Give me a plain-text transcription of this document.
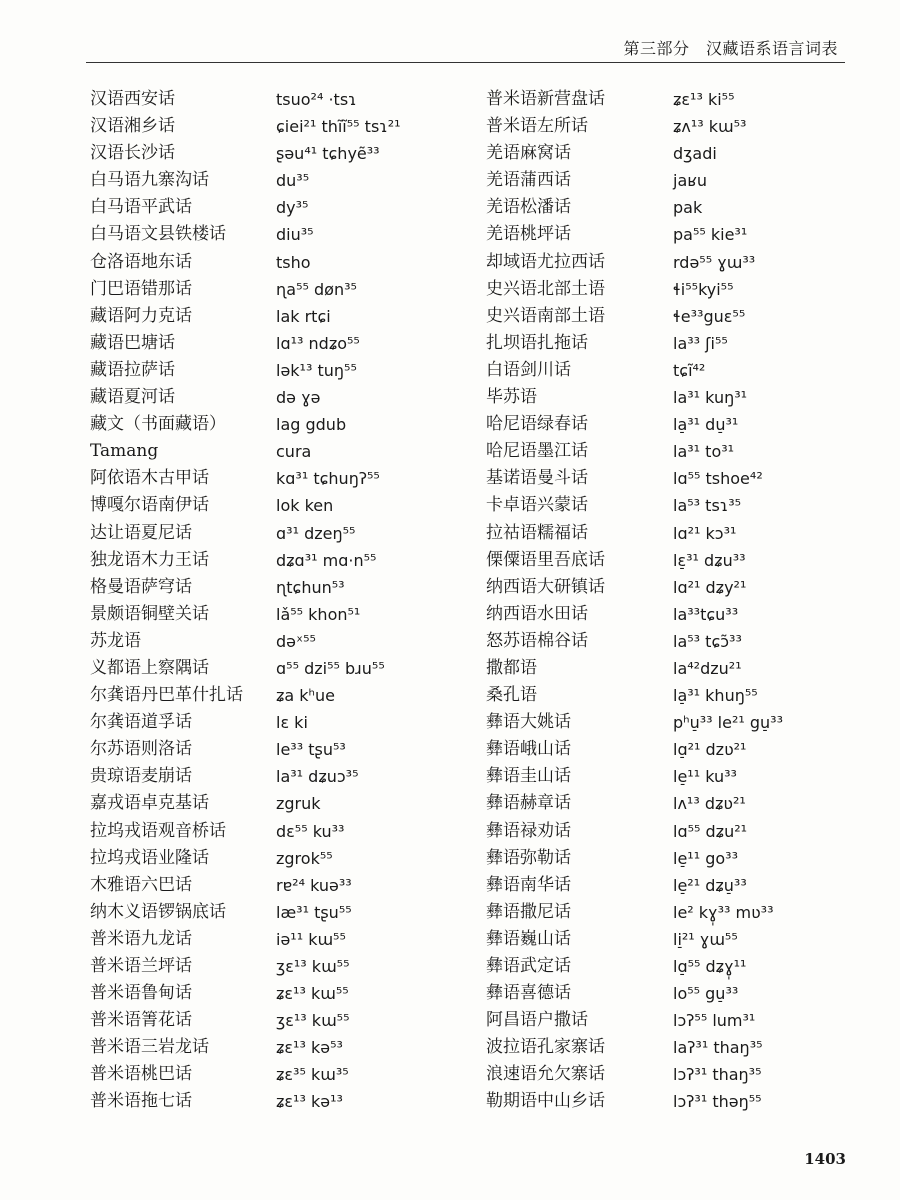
第三部分　汉藏语系语言词表
汉语西安话	tsuo²⁴ ·tsɿ
汉语湘乡话	ɕiei²¹ thĩĩ⁵⁵ tsɿ²¹
汉语长沙话	ʂəu⁴¹ tɕhyẽ³³
白马语九寨沟话	du³⁵
白马语平武话	dy³⁵
白马语文县铁楼话	diu³⁵
仓洛语地东话	tsho
门巴语错那话	ɳa⁵⁵ døn³⁵
藏语阿力克话	lak rtɕi
藏语巴塘话	lɑ¹³ ndʑo⁵⁵
藏语拉萨话	lək¹³ tuŋ⁵⁵
藏语夏河话	də ɣə
藏文（书面藏语）	lag gdub
Tamang	cura
阿依语木古甲话	kɑ³¹ tɕhuŋʔ⁵⁵
博嘎尔语南伊话	lok ken
达让语夏尼话	ɑ³¹ dzeŋ⁵⁵
独龙语木力王话	dʑɑ³¹ mɑ·n⁵⁵
格曼语萨穹话	ɳtɕhun⁵³
景颇语铜壁关话	lǎ⁵⁵ khon⁵¹
苏龙语	dəˣ⁵⁵
义都语上察隅话	ɑ⁵⁵ dzi⁵⁵ bɹu⁵⁵
尔龚语丹巴革什扎话 ʑa kʰue
尔龚语道孚话	lɛ ki
尔苏语则洛话	le³³ tʂu⁵³
贵琼语麦崩话	la³¹ dʑuɔ³⁵
嘉戎语卓克基话	zgruk
拉坞戎语观音桥话	dɛ⁵⁵ ku³³
拉坞戎语业隆话	zgrok⁵⁵
木雅语六巴话	rɐ²⁴ kuə³³
纳木义语锣锅底话	læ³¹ tʂu⁵⁵
普米语九龙话	iə¹¹ kɯ⁵⁵
普米语兰坪话	ʒɛ¹³ kɯ⁵⁵
普米语鲁甸话	ʑɛ¹³ kɯ⁵⁵
普米语箐花话	ʒɛ¹³ kɯ⁵⁵
普米语三岩龙话	ʑɛ¹³ kə⁵³
普米语桃巴话	ʑɛ³⁵ kɯ³⁵
普米语拖七话	ʑɛ¹³ kə¹³
普米语新营盘话	ʑɛ¹³ ki⁵⁵
普米语左所话	ʑʌ¹³ kɯ⁵³
羌语麻窝话	dʒadi
羌语蒲西话	jaʁu
羌语松潘话	pak
羌语桃坪话	pa⁵⁵ kie³¹
却域语尤拉西话	rdə⁵⁵ ɣɯ³³
史兴语北部土语	ɬi⁵⁵kyi⁵⁵
史兴语南部土语	ɬe³³guɛ⁵⁵
扎坝语扎拖话	la³³ ʃi⁵⁵
白语剑川话	tɕĩ⁴²
毕苏语	la³¹ kuŋ³¹
哈尼语绿春话	la̠³¹ du̠³¹
哈尼语墨江话	la³¹ to³¹
基诺语曼斗话	lɑ⁵⁵ tshoe⁴²
卡卓语兴蒙话	la⁵³ tsɿ³⁵
拉祜语糯福话	lɑ²¹ kɔ³¹
傈僳语里吾底话	lɛ̠³¹ dʑu³³
纳西语大研镇话	lɑ²¹ dʑy²¹
纳西语水田话	la³³tɕu³³
怒苏语棉谷话	la⁵³ tɕɔ̃³³
撒都语	la⁴²dzu²¹
桑孔语	la̠³¹ khuŋ⁵⁵
彝语大姚话	pʰu̠³³ le²¹ gu̠³³
彝语峨山话	lɑ̠²¹ dzʋ²¹
彝语圭山话	le̠¹¹ ku³³
彝语赫章话	lʌ¹³ dʑʋ²¹
彝语禄劝话	lɑ⁵⁵ dʑu²¹
彝语弥勒话	le̠¹¹ go³³
彝语南华话	le̠²¹ dʑu̠³³
彝语撒尼话	le² kɣ̩³³ mʋ³³
彝语巍山话	li̠²¹ ɣɯ⁵⁵
彝语武定话	lɑ̠⁵⁵ dʑɣ̩¹¹
彝语喜德话	lo⁵⁵ gu̠³³
阿昌语户撒话	lɔʔ⁵⁵ lum³¹
波拉语孔家寨话	laʔ³¹ thaŋ³⁵
浪速语允欠寨话	lɔʔ³¹ thaŋ³⁵
勒期语中山乡话	lɔʔ³¹ thəŋ⁵⁵
1403
